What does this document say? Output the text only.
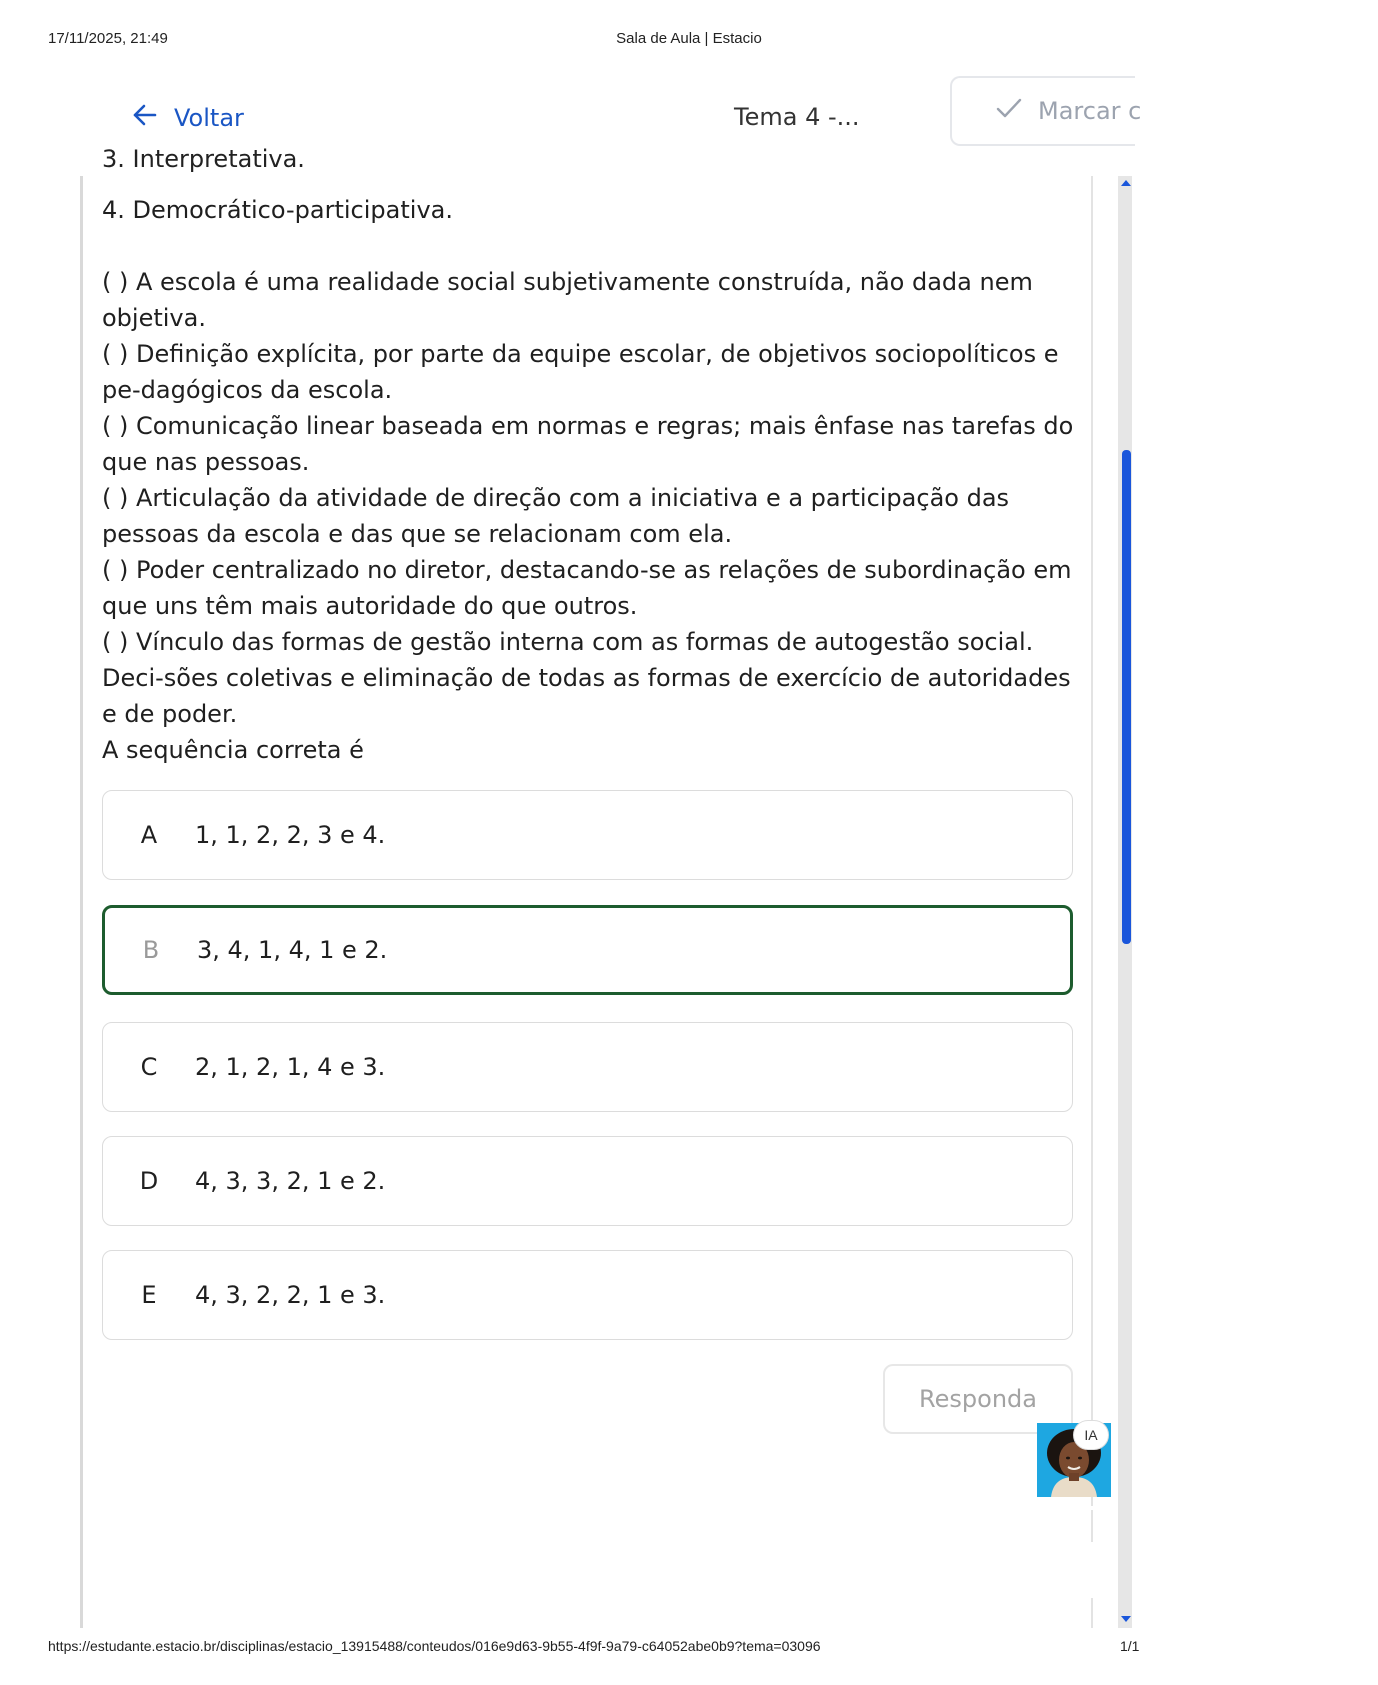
17/11/2025, 21:49	Sala de Aula | Estacio
Voltar	Tema 4 -...	Marcar c
3. Interpretativa.

4. Democrático-participativa.

( ) A escola é uma realidade social subjetivamente construída, não dada nem objetiva.

( ) Definição explícita, por parte da equipe escolar, de objetivos sociopolíticos e pe-dagógicos da escola.

( ) Comunicação linear baseada em normas e regras; mais ênfase nas tarefas do que nas pessoas.

( ) Articulação da atividade de direção com a iniciativa e a participação das pessoas da escola e das que se relacionam com ela.

( ) Poder centralizado no diretor, destacando-se as relações de subordinação em que uns têm mais autoridade do que outros.

( ) Vínculo das formas de gestão interna com as formas de autogestão social. Deci-sões coletivas e eliminação de todas as formas de exercício de autoridades e de poder.

A sequência correta é

A	1, 1, 2, 2, 3 e 4.
B	3, 4, 1, 4, 1 e 2.
C	2, 1, 2, 1, 4 e 3.
D	4, 3, 3, 2, 1 e 2.
E	4, 3, 2, 2, 1 e 3.
Responda
IA
https://estudante.estacio.br/disciplinas/estacio_13915488/conteudos/016e9d63-9b55-4f9f-9a79-c64052abe0b9?tema=03096	1/1
